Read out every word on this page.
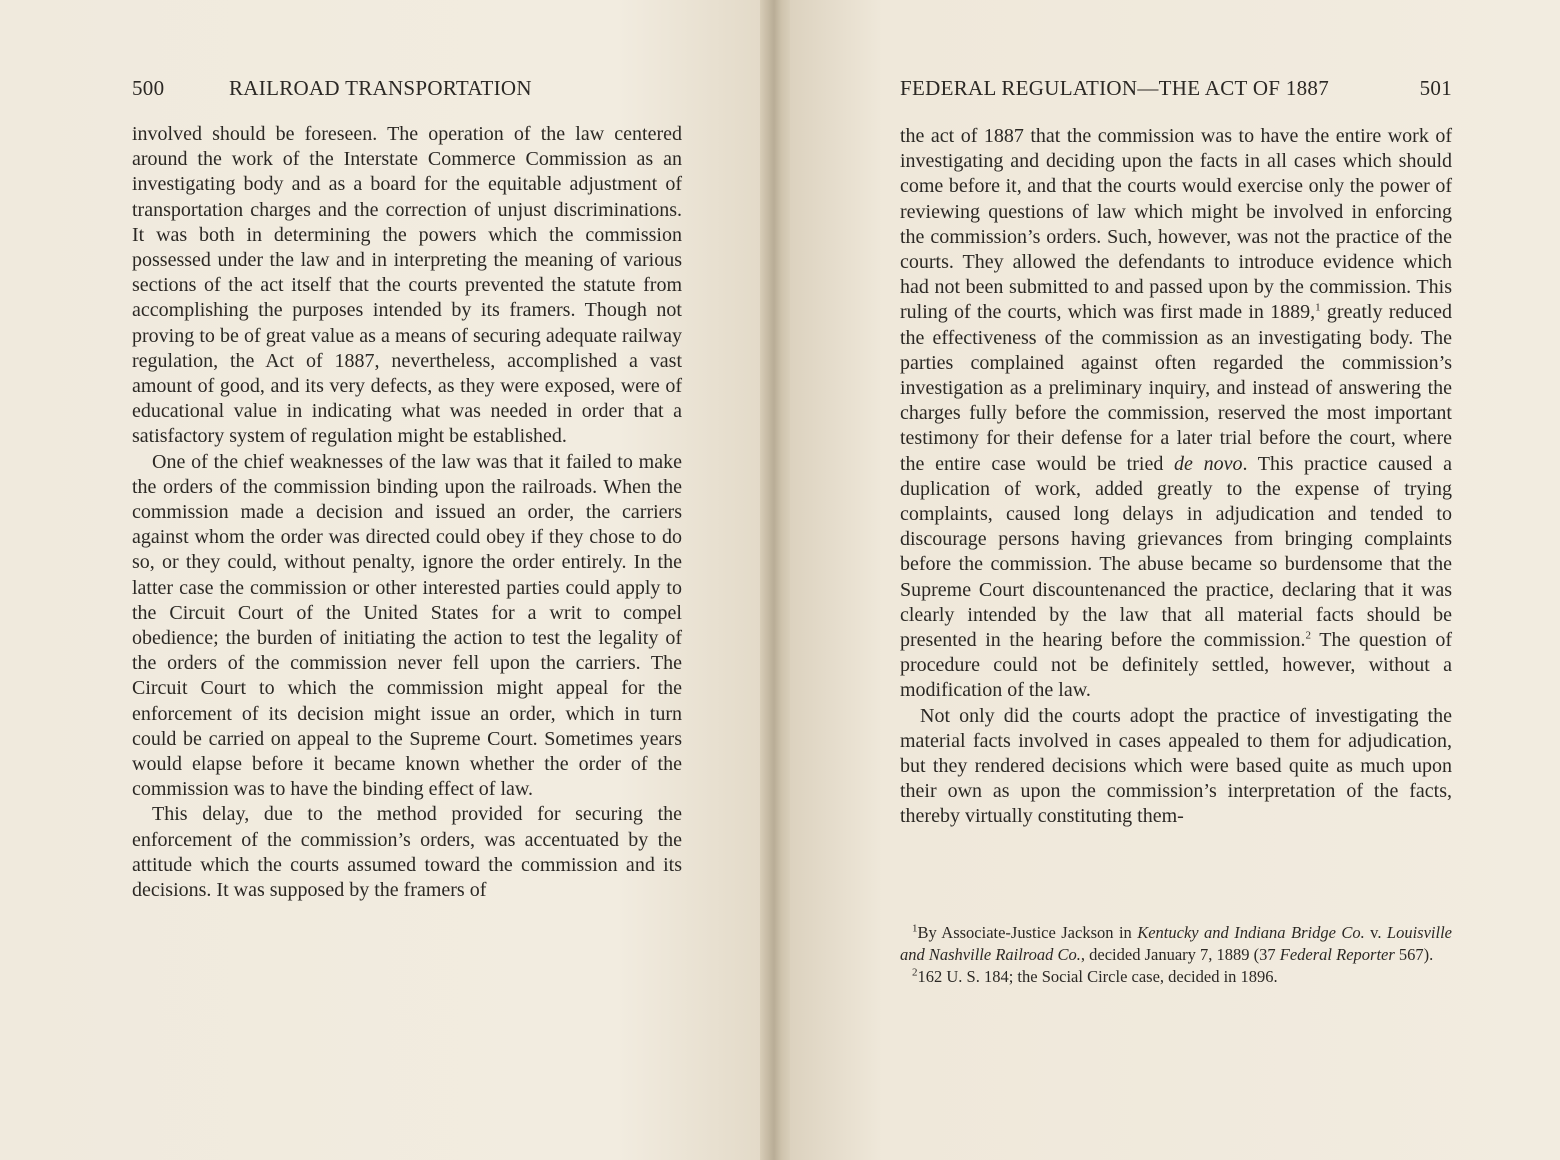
500	RAILROAD TRANSPORTATION

involved should be foreseen. The operation of the law centered around the work of the Interstate Commerce Commission as an investigating body and as a board for the equitable adjustment of transportation charges and the correction of unjust discriminations. It was both in determining the powers which the commission possessed under the law and in interpreting the meaning of various sections of the act itself that the courts prevented the statute from accomplishing the purposes intended by its framers. Though not proving to be of great value as a means of securing adequate railway regulation, the Act of 1887, nevertheless, accomplished a vast amount of good, and its very defects, as they were exposed, were of educational value in indicating what was needed in order that a satisfactory system of regulation might be established.

One of the chief weaknesses of the law was that it failed to make the orders of the commission binding upon the railroads. When the commission made a decision and issued an order, the carriers against whom the order was directed could obey if they chose to do so, or they could, without penalty, ignore the order entirely. In the latter case the commission or other interested parties could apply to the Circuit Court of the United States for a writ to compel obedience; the burden of initiating the action to test the legality of the orders of the commission never fell upon the carriers. The Circuit Court to which the commission might appeal for the enforcement of its decision might issue an order, which in turn could be carried on appeal to the Supreme Court. Sometimes years would elapse before it became known whether the order of the commission was to have the binding effect of law.

This delay, due to the method provided for securing the enforcement of the commission’s orders, was accentuated by the attitude which the courts assumed toward the commission and its decisions. It was supposed by the framers of

FEDERAL REGULATION—THE ACT OF 1887	501

the act of 1887 that the commission was to have the entire work of investigating and deciding upon the facts in all cases which should come before it, and that the courts would exercise only the power of reviewing questions of law which might be involved in enforcing the commission’s orders. Such, however, was not the practice of the courts. They allowed the defendants to introduce evidence which had not been submitted to and passed upon by the commission. This ruling of the courts, which was first made in 1889,$^1$ greatly reduced the effectiveness of the commission as an investigating body. The parties complained against often regarded the commission’s investigation as a preliminary inquiry, and instead of answering the charges fully before the commission, reserved the most important testimony for their defense for a later trial before the court, where the entire case would be tried de novo. This practice caused a duplication of work, added greatly to the expense of trying complaints, caused long delays in adjudication and tended to discourage persons having grievances from bringing complaints before the commission. The abuse became so burdensome that the Supreme Court discountenanced the practice, declaring that it was clearly intended by the law that all material facts should be presented in the hearing before the commission.$^2$ The question of procedure could not be definitely settled, however, without a modification of the law.

Not only did the courts adopt the practice of investigating the material facts involved in cases appealed to them for adjudication, but they rendered decisions which were based quite as much upon their own as upon the commission’s interpretation of the facts, thereby virtually constituting them-

$^1$By Associate-Justice Jackson in Kentucky and Indiana Bridge Co. v. Louisville and Nashville Railroad Co., decided January 7, 1889 (37 Federal Reporter 567).

$^2$162 U. S. 184; the Social Circle case, decided in 1896.
